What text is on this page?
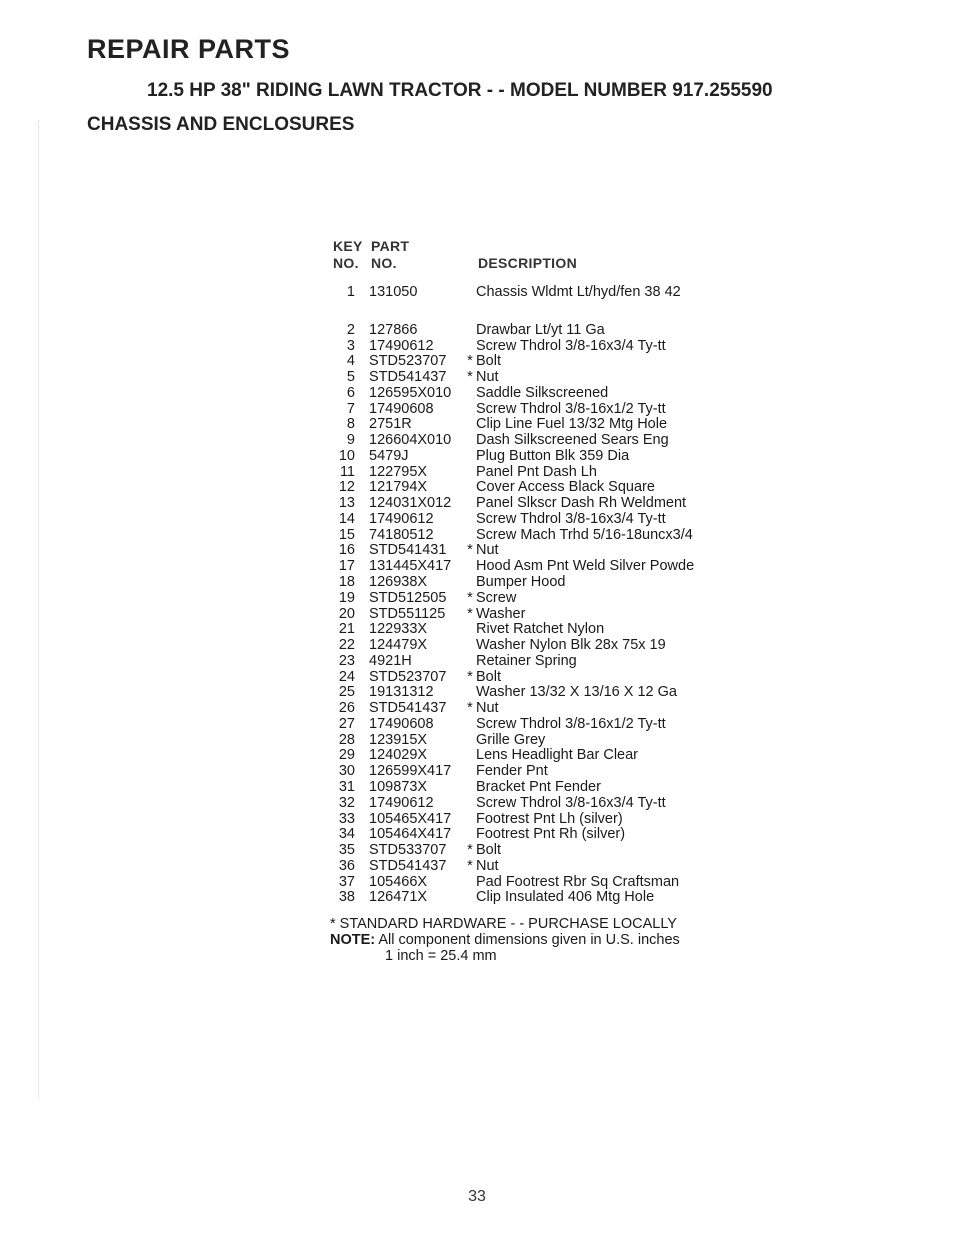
REPAIR PARTS
12.5 HP 38" RIDING LAWN TRACTOR - - MODEL NUMBER 917.255590
CHASSIS AND ENCLOSURES
KEY PART
NO. NO.	DESCRIPTION
1 131050	Chassis Wldmt Lt/hyd/fen 38 42
2 127866	Drawbar Lt/yt 11 Ga
3 17490612	Screw Thdrol 3/8-16x3/4 Ty-tt
4 STD523707 * Bolt
5 STD541437 * Nut
6 126595X010 Saddle Silkscreened
7 17490608	Screw Thdrol 3/8-16x1/2 Ty-tt
8 2751R	Clip Line Fuel 13/32 Mtg Hole
9 126604X010 Dash Silkscreened Sears Eng
10 5479J	Plug Button Blk 359 Dia
11 122795X	Panel Pnt Dash Lh
12 121794X	Cover Access Black Square
13 124031X012 Panel Slkscr Dash Rh Weldment
14 17490612	Screw Thdrol 3/8-16x3/4 Ty-tt
15 74180512	Screw Mach Trhd 5/16-18uncx3/4
16 STD541431 * Nut
17 131445X417 Hood Asm Pnt Weld Silver Powde
18 126938X	Bumper Hood
19 STD512505 * Screw
20 STD551125 * Washer
21 122933X	Rivet Ratchet Nylon
22 124479X	Washer Nylon Blk 28x 75x 19
23 4921H	Retainer Spring
24 STD523707 * Bolt
25 19131312	Washer 13/32 X 13/16 X 12 Ga
26 STD541437 * Nut
27 17490608	Screw Thdrol 3/8-16x1/2 Ty-tt
28 123915X	Grille Grey
29 124029X	Lens Headlight Bar Clear
30 126599X417 Fender Pnt
31 109873X	Bracket Pnt Fender
32 17490612	Screw Thdrol 3/8-16x3/4 Ty-tt
33 105465X417 Footrest Pnt Lh (silver)
34 105464X417 Footrest Pnt Rh (silver)
35 STD533707 * Bolt
36 STD541437 * Nut
37 105466X	Pad Footrest Rbr Sq Craftsman
38 126471X	Clip Insulated 406 Mtg Hole
* STANDARD HARDWARE - - PURCHASE LOCALLY
NOTE: All component dimensions given in U.S. inches
1 inch = 25.4 mm
33
